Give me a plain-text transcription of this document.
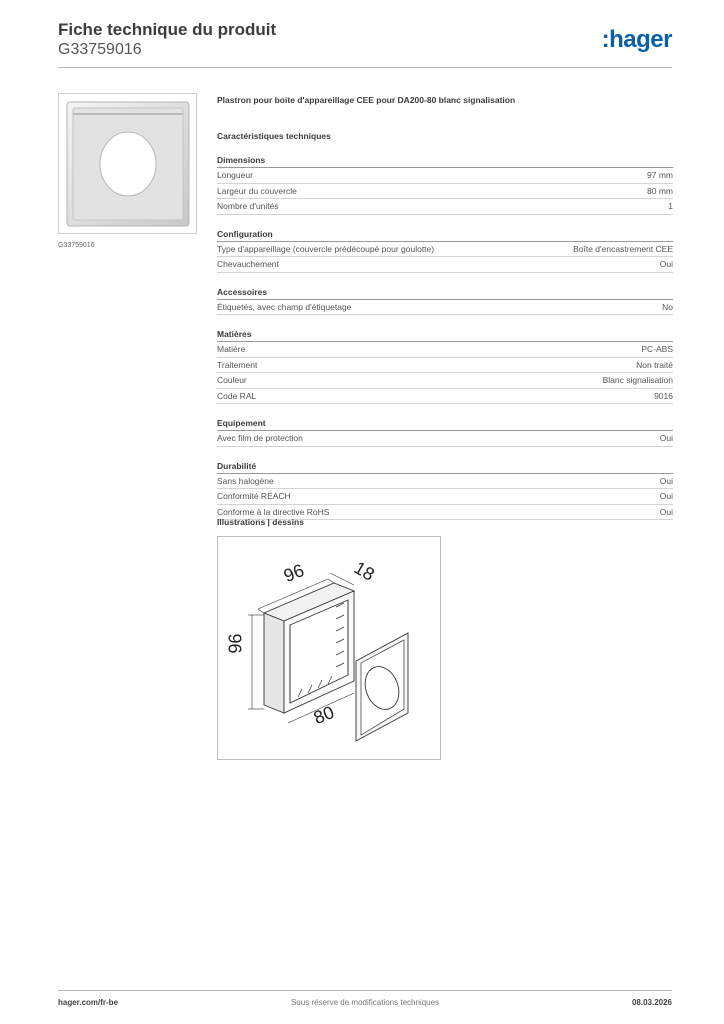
Fiche technique du produit
G33759016	:hager
G33759016
Plastron pour boite d'appareillage CEE pour DA200-80 blanc signalisation
Caractéristiques techniques
Dimensions
Longueur	97 mm
Largeur du couvercle	80 mm
Nombre d'unités	1
Configuration
Type d'appareillage (couvercle prédécoupé pour goulotte)	Boîte d'encastrement CEE
Chevauchement	Oui
Accessoires
Étiquetés, avec champ d'étiquetage	No
Matières
Matière	PC-ABS
Traitement	Non traité
Couleur	Blanc signalisation
Code RAL	9016
Equipement
Avec film de protection	Oui
Durabilité
Sans halogène	Oui
Conformité REACH	Oui
Conforme à la directive RoHS	Oui
Illustrations | dessins
96 18
96
80
hager.com/fr-be	Sous réserve de modifications techniques	08.03.2026
